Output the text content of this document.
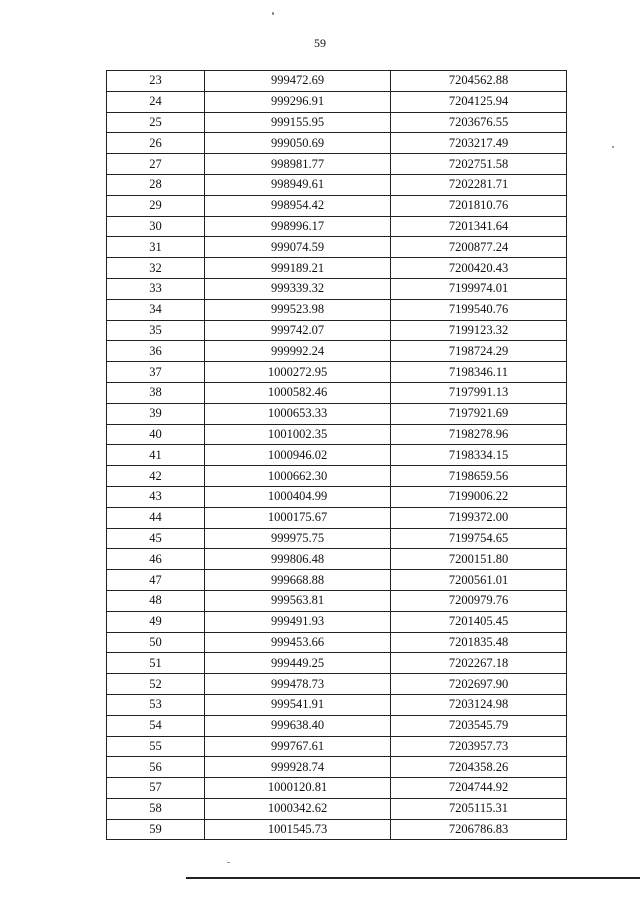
59
23	999472.69	7204562.88
24	999296.91	7204125.94
25	999155.95	7203676.55
26	999050.69	7203217.49
27	998981.77	7202751.58
28	998949.61	7202281.71
29	998954.42	7201810.76
30	998996.17	7201341.64
31	999074.59	7200877.24
32	999189.21	7200420.43
33	999339.32	7199974.01
34	999523.98	7199540.76
35	999742.07	7199123.32
36	999992.24	7198724.29
37	1000272.95	7198346.11
38	1000582.46	7197991.13
39	1000653.33	7197921.69
40	1001002.35	7198278.96
41	1000946.02	7198334.15
42	1000662.30	7198659.56
43	1000404.99	7199006.22
44	1000175.67	7199372.00
45	999975.75	7199754.65
46	999806.48	7200151.80
47	999668.88	7200561.01
48	999563.81	7200979.76
49	999491.93	7201405.45
50	999453.66	7201835.48
51	999449.25	7202267.18
52	999478.73	7202697.90
53	999541.91	7203124.98
54	999638.40	7203545.79
55	999767.61	7203957.73
56	999928.74	7204358.26
57	1000120.81	7204744.92
58	1000342.62	7205115.31
59	1001545.73	7206786.83
